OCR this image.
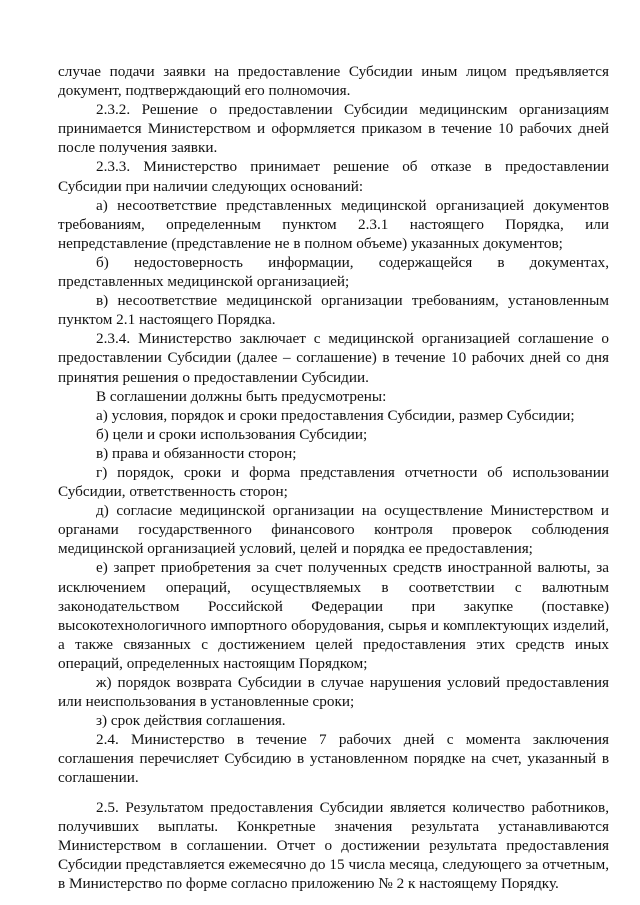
случае подачи заявки на предоставление Субсидии иным лицом предъявляется документ, подтверждающий его полномочия.

2.3.2. Решение о предоставлении Субсидии медицинским организациям принимается Министерством и оформляется приказом в течение 10 рабочих дней после получения заявки.

2.3.3. Министерство принимает решение об отказе в предоставлении Субсидии при наличии следующих оснований:

а) несоответствие представленных медицинской организацией документов требованиям, определенным пунктом 2.3.1 настоящего Порядка, или непредставление (представление не в полном объеме) указанных документов;

б) недостоверность информации, содержащейся в документах, представленных медицинской организацией;

в) несоответствие медицинской организации требованиям, установленным пунктом 2.1 настоящего Порядка.

2.3.4. Министерство заключает с медицинской организацией соглашение о предоставлении Субсидии (далее – соглашение) в течение 10 рабочих дней со дня принятия решения о предоставлении Субсидии.

В соглашении должны быть предусмотрены:

а) условия, порядок и сроки предоставления Субсидии, размер Субсидии;

б) цели и сроки использования Субсидии;

в) права и обязанности сторон;

г) порядок, сроки и форма представления отчетности об использовании Субсидии, ответственность сторон;

д) согласие медицинской организации на осуществление Министерством и органами государственного финансового контроля проверок соблюдения медицинской организацией условий, целей и порядка ее предоставления;

е) запрет приобретения за счет полученных средств иностранной валюты, за исключением операций, осуществляемых в соответствии с валютным законодательством Российской Федерации при закупке (поставке) высокотехнологичного импортного оборудования, сырья и комплектующих изделий, а также связанных с достижением целей предоставления этих средств иных операций, определенных настоящим Порядком;

ж) порядок возврата Субсидии в случае нарушения условий предоставления или неиспользования в установленные сроки;

з) срок действия соглашения.

2.4. Министерство в течение 7 рабочих дней с момента заключения соглашения перечисляет Субсидию в установленном порядке на счет, указанный в соглашении.

2.5. Результатом предоставления Субсидии является количество работников, получивших выплаты. Конкретные значения результата устанавливаются Министерством в соглашении. Отчет о достижении результата предоставления Субсидии представляется ежемесячно до 15 числа месяца, следующего за отчетным, в Министерство по форме согласно приложению № 2 к настоящему Порядку.
